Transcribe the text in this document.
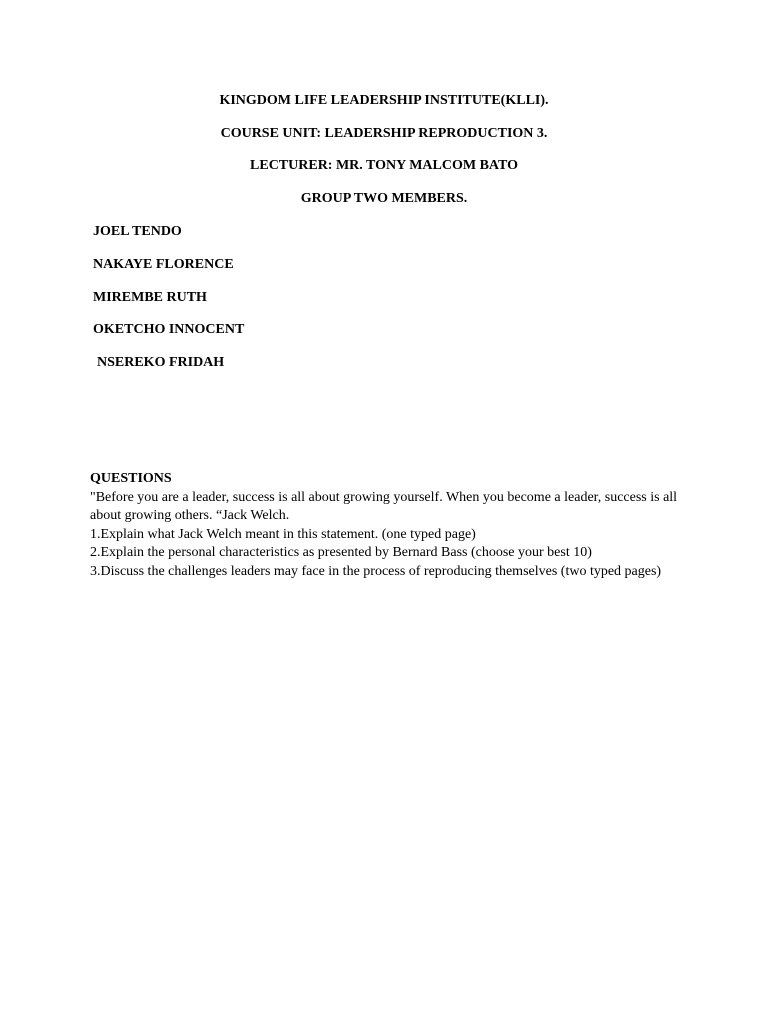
KINGDOM LIFE LEADERSHIP INSTITUTE(KLLI).
COURSE UNIT: LEADERSHIP REPRODUCTION 3.
LECTURER: MR. TONY MALCOM BATO
GROUP TWO MEMBERS.
JOEL TENDO
NAKAYE FLORENCE
MIREMBE RUTH
OKETCHO INNOCENT
NSEREKO FRIDAH

QUESTIONS

"Before you are a leader, success is all about growing yourself. When you become a leader, success is all about growing others. “Jack Welch.

1.Explain what Jack Welch meant in this statement. (one typed page)

2.Explain the personal characteristics as presented by Bernard Bass (choose your best 10)

3.Discuss the challenges leaders may face in the process of reproducing themselves (two typed pages)
